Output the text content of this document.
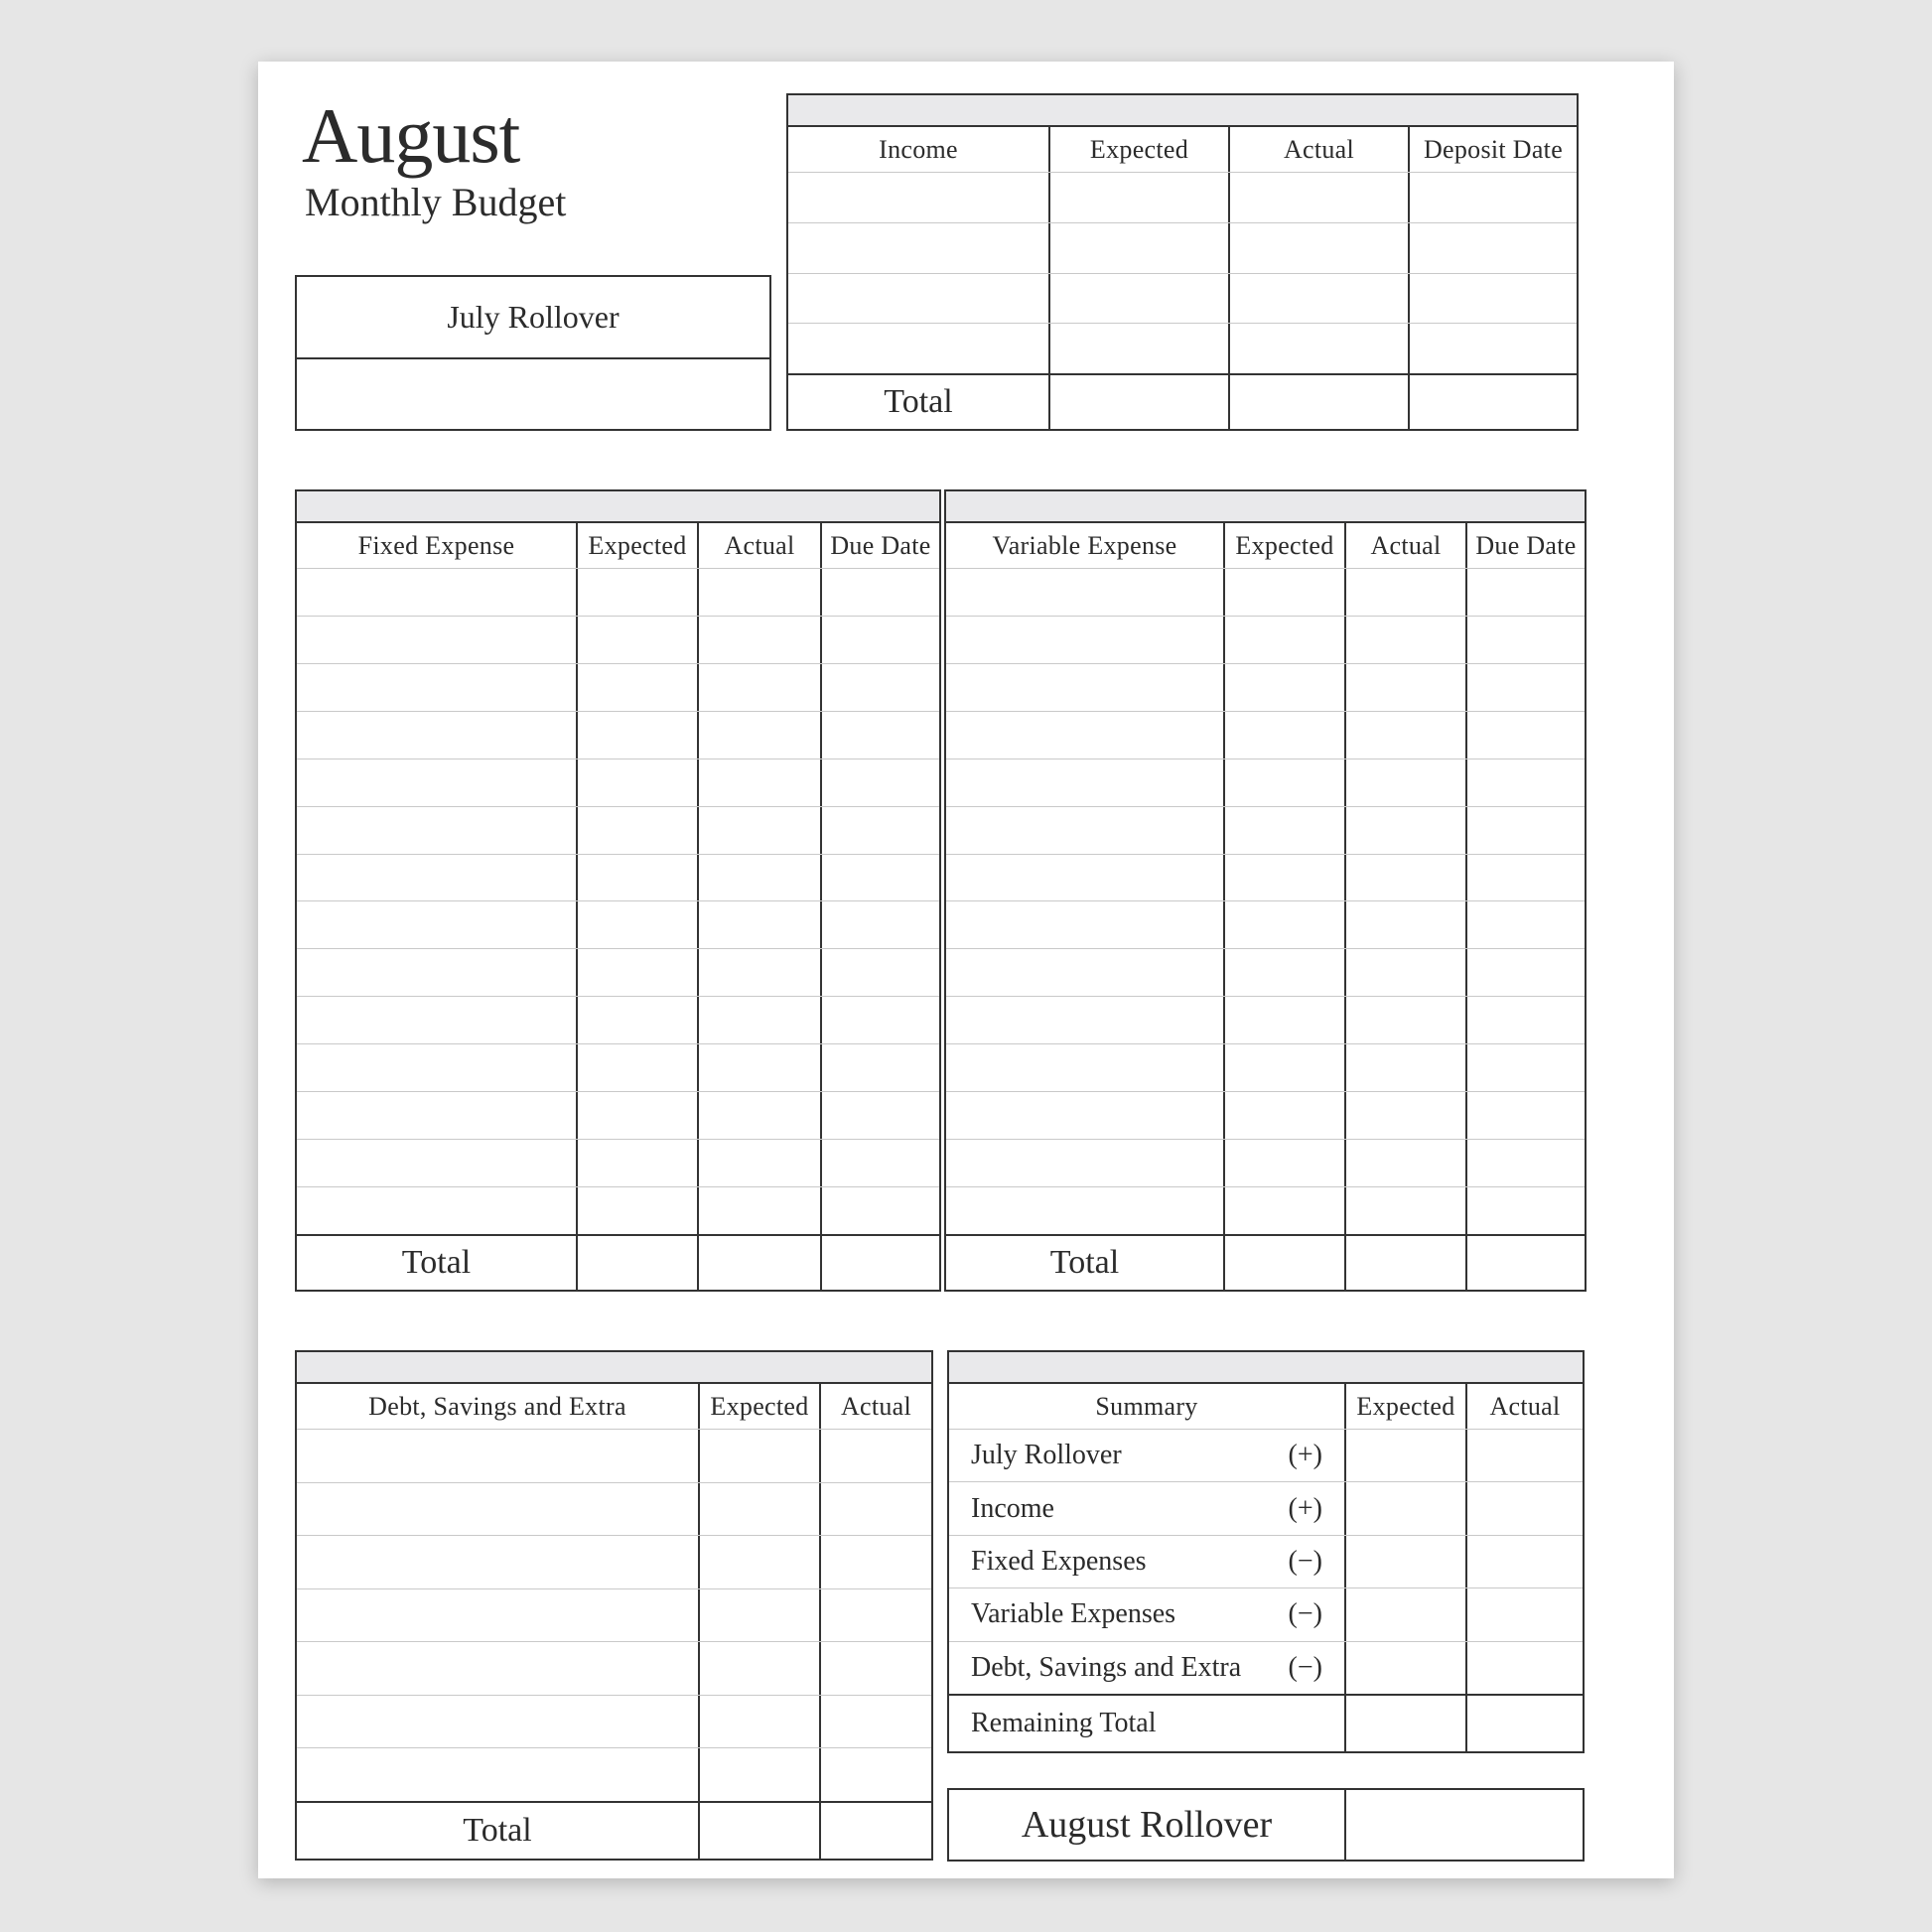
August
Monthly Budget
July Rollover
Income	Expected	Actual	Deposit Date
Total
Fixed Expense	Expected	Actual	Due Date
Total
Variable Expense	Expected	Actual	Due Date
Total
Debt, Savings and Extra	Expected	Actual
Total
Summary	Expected	Actual
July Rollover	(+)
Income	(+)
Fixed Expenses	(−)
Variable Expenses	(−)
Debt, Savings and Extra (−)
Remaining Total
August Rollover
